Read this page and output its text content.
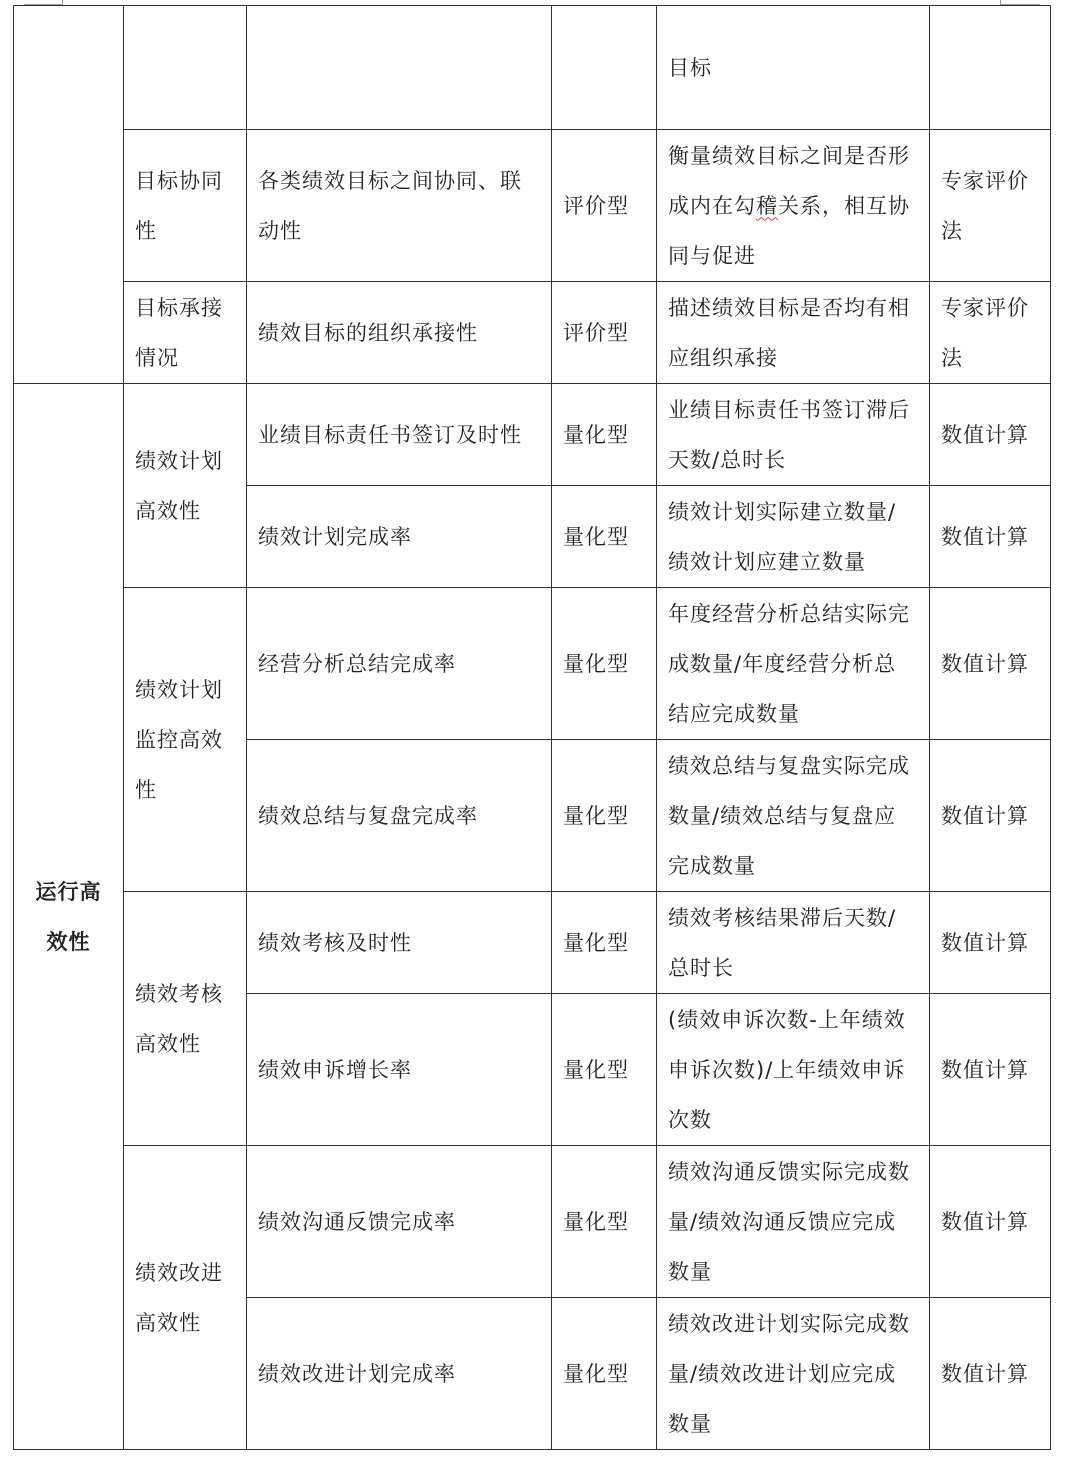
				目标	
	目标协同性	各类绩效目标之间协同、联动性	评价型	衡量绩效目标之间是否形成内在勾稽关系，相互协同与促进	专家评价法
	目标承接情况	绩效目标的组织承接性	评价型	描述绩效目标是否均有相应组织承接	专家评价法
运行高效性	绩效计划高效性	业绩目标责任书签订及时性	量化型	业绩目标责任书签订滞后天数/总时长	数值计算
		绩效计划完成率	量化型	绩效计划实际建立数量/绩效计划应建立数量	数值计算
	绩效计划监控高效性	经营分析总结完成率	量化型	年度经营分析总结实际完成数量/年度经营分析总结应完成数量	数值计算
		绩效总结与复盘完成率	量化型	绩效总结与复盘实际完成数量/绩效总结与复盘应完成数量	数值计算
	绩效考核高效性	绩效考核及时性	量化型	绩效考核结果滞后天数/总时长	数值计算
		绩效申诉增长率	量化型	(绩效申诉次数-上年绩效申诉次数)/上年绩效申诉次数	数值计算
	绩效改进高效性	绩效沟通反馈完成率	量化型	绩效沟通反馈实际完成数量/绩效沟通反馈应完成数量	数值计算
		绩效改进计划完成率	量化型	绩效改进计划实际完成数量/绩效改进计划应完成数量	数值计算
